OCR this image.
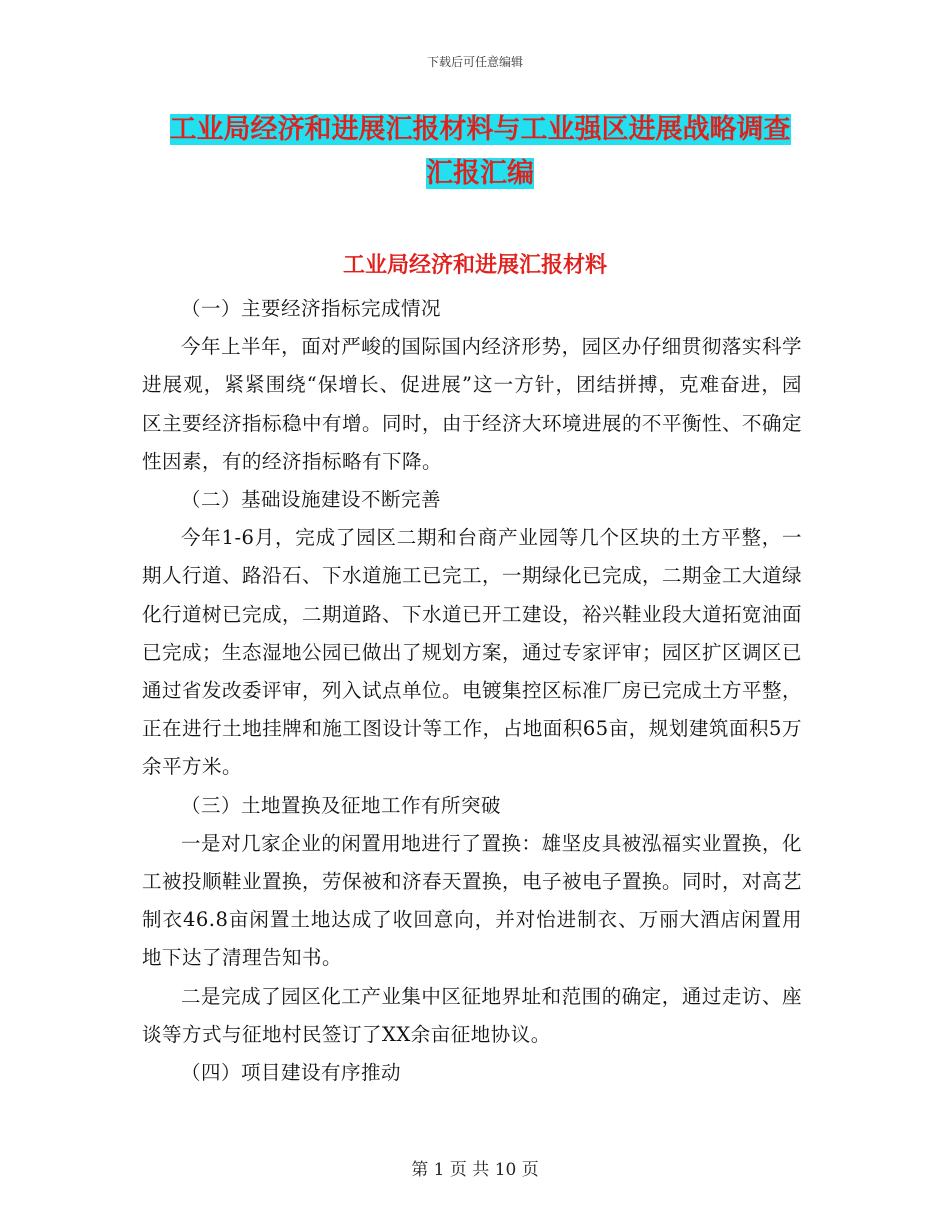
下载后可任意编辑
工业局经济和进展汇报材料与工业强区进展战略调查
汇报汇编
工业局经济和进展汇报材料

（一）主要经济指标完成情况

今年上半年，面对严峻的国际国内经济形势，园区办仔细贯彻落实科学进展观，紧紧围绕“保增长、促进展”这一方针，团结拼搏，克难奋进，园区主要经济指标稳中有增。同时，由于经济大环境进展的不平衡性、不确定性因素，有的经济指标略有下降。

（二）基础设施建设不断完善

今年1-6月，完成了园区二期和台商产业园等几个区块的土方平整，一期人行道、路沿石、下水道施工已完工，一期绿化已完成，二期金工大道绿化行道树已完成，二期道路、下水道已开工建设，裕兴鞋业段大道拓宽油面已完成；生态湿地公园已做出了规划方案，通过专家评审；园区扩区调区已通过省发改委评审，列入试点单位。电镀集控区标准厂房已完成土方平整，正在进行土地挂牌和施工图设计等工作，占地面积65亩，规划建筑面积5万余平方米。

（三）土地置换及征地工作有所突破

一是对几家企业的闲置用地进行了置换：雄坚皮具被泓福实业置换，化工被投顺鞋业置换，劳保被和济春天置换，电子被电子置换。同时，对高艺制衣46.8亩闲置土地达成了收回意向，并对怡进制衣、万丽大酒店闲置用地下达了清理告知书。

二是完成了园区化工产业集中区征地界址和范围的确定，通过走访、座谈等方式与征地村民签订了XX余亩征地协议。

（四）项目建设有序推动

第 1 页 共 10 页
